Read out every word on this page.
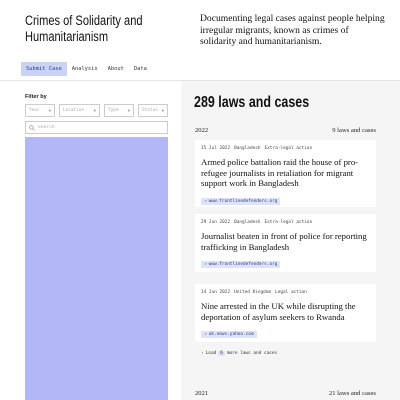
Crimes of Solidarity and Humanitarianism
Documenting legal cases against people helping irregular migrants, known as crimes of solidarity and humanitarianism.
Submit Case	Analysis	About	Data
Filter by
Year ▼	Location ▼	Type ▼	Status ▼
Search 289 laws and cases
2022	9 laws and cases
15 Jul 2022 Bangladesh Extra-legal action
Armed police battalion raid the house of pro-refugee journalists in retaliation for migrant support work in Bangladesh
⇒ www.frontlinedefenders.org
29 Jun 2022 Bangladesh Extra-legal action
Journalist beaten in front of police for reporting trafficking in Bangladesh
⇒ www.frontlinedefenders.org
14 Jun 2022 United Kingdom Legal action
Nine arrested in the UK while disrupting the deportation of asylum seekers to Rwanda
⇒ uk.news.yahoo.com
› Load 6 more laws and cases
2021	21 laws and cases
